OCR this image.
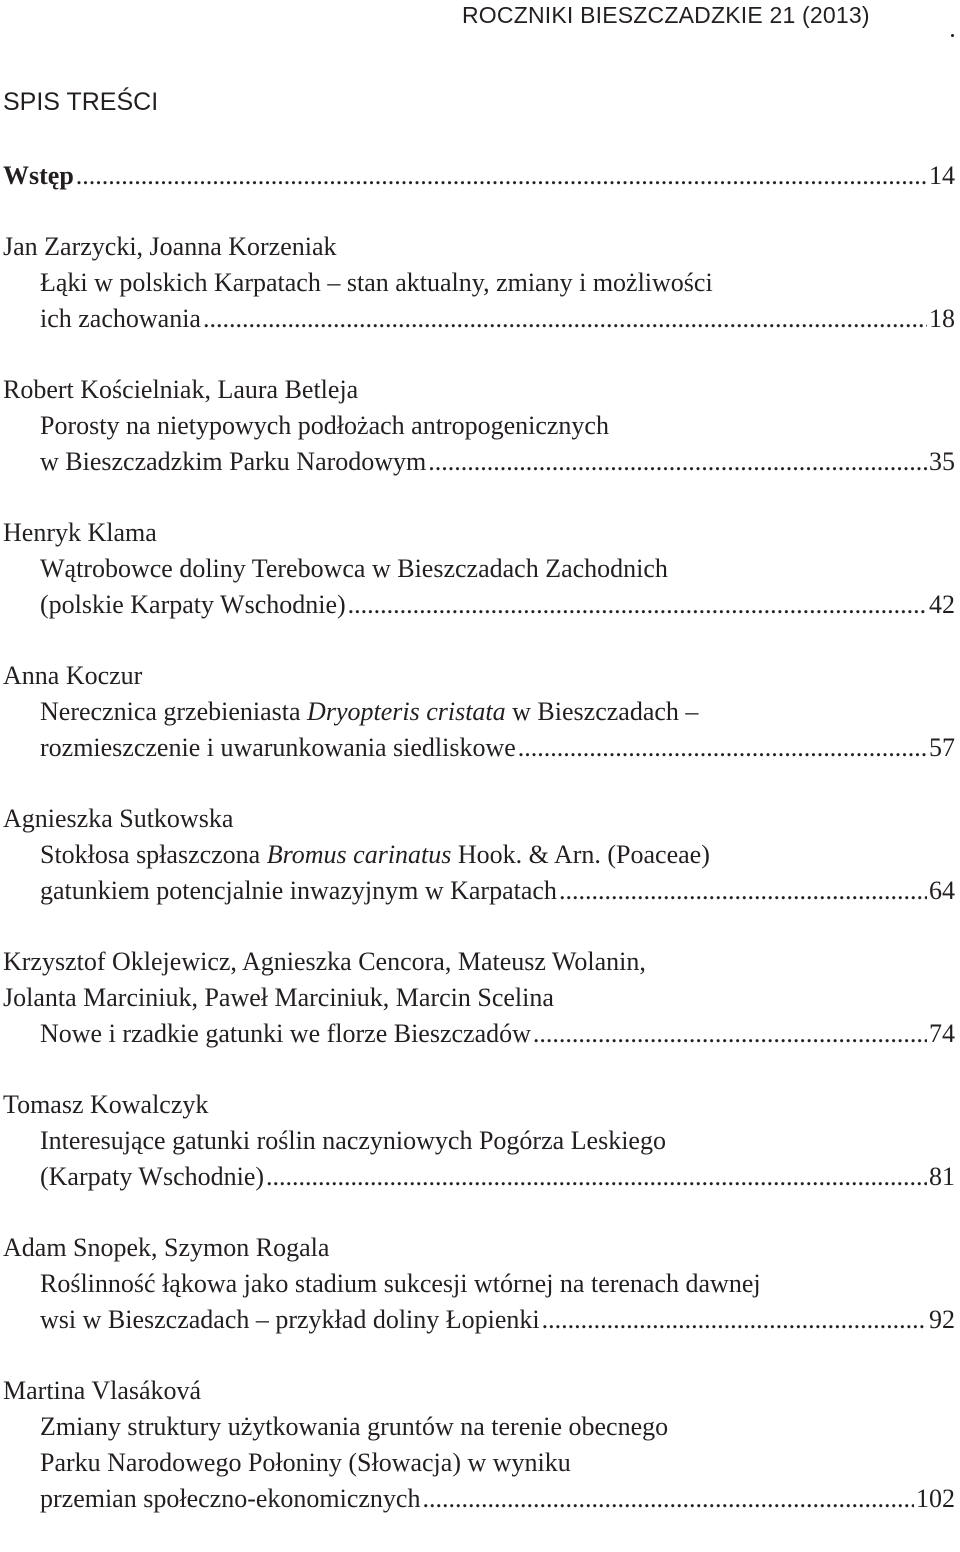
ROCZNIKI BIESZCZADZKIE 21 (2013)
SPIS TREŚCI
Wstęp .....	14
Jan Zarzycki, Joanna Korzeniak
Łąki w polskich Karpatach – stan aktualny, zmiany i możliwości
ich zachowania .....	18
Robert Kościelniak, Laura Betleja
Porosty na nietypowych podłożach antropogenicznych
w Bieszczadzkim Parku Narodowym .....	35
Henryk Klama
Wątrobowce doliny Terebowca w Bieszczadach Zachodnich
(polskie Karpaty Wschodnie) .....	42
Anna Koczur
Nerecznica grzebieniasta Dryopteris cristata w Bieszczadach –
rozmieszczenie i uwarunkowania siedliskowe .....	57
Agnieszka Sutkowska
Stokłosa spłaszczona Bromus carinatus Hook. & Arn. (Poaceae)
gatunkiem potencjalnie inwazyjnym w Karpatach .....	64
Krzysztof Oklejewicz, Agnieszka Cencora, Mateusz Wolanin,
Jolanta Marciniuk, Paweł Marciniuk, Marcin Scelina
Nowe i rzadkie gatunki we florze Bieszczadów .....	74
Tomasz Kowalczyk
Interesujące gatunki roślin naczyniowych Pogórza Leskiego
(Karpaty Wschodnie) .....	81
Adam Snopek, Szymon Rogala
Roślinność łąkowa jako stadium sukcesji wtórnej na terenach dawnej
wsi w Bieszczadach – przykład doliny Łopienki .....	92
Martina Vlasáková
Zmiany struktury użytkowania gruntów na terenie obecnego
Parku Narodowego Połoniny (Słowacja) w wyniku
przemian społeczno-ekonomicznych .....	102
